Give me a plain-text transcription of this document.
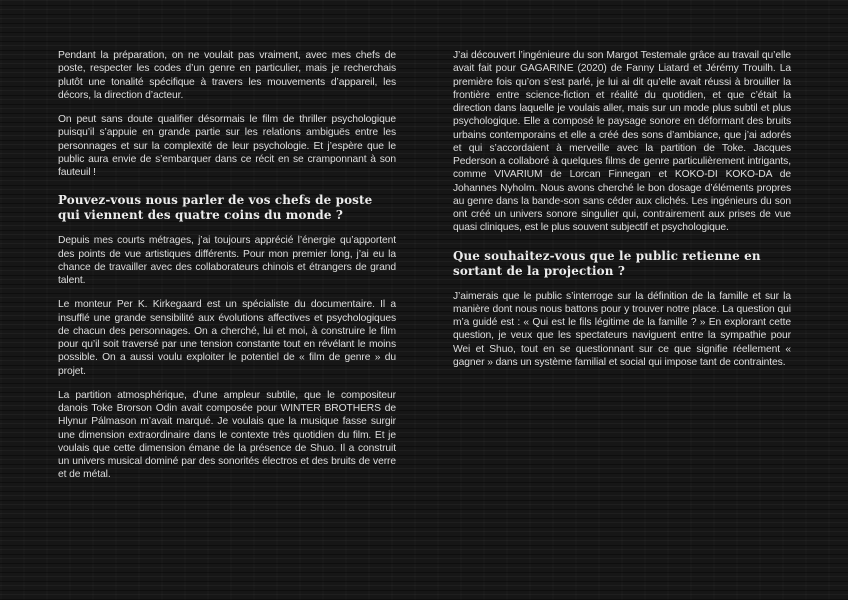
Pendant la préparation, on ne voulait pas vraiment, avec mes chefs de poste, respecter les codes d’un genre en particulier, mais je recherchais plutôt une tonalité spécifique à travers les mouvements d’appareil, les décors, la direction d’acteur.

On peut sans doute qualifier désormais le film de thriller psychologique puisqu’il s’appuie en grande partie sur les relations ambiguës entre les personnages et sur la complexité de leur psychologie. Et j’espère que le public aura envie de s’embarquer dans ce récit en se cramponnant à son fauteuil !

Pouvez-vous nous parler de vos chefs de poste qui viennent des quatre coins du monde ?

Depuis mes courts métrages, j’ai toujours apprécié l’énergie qu’apportent des points de vue artistiques différents. Pour mon premier long, j’ai eu la chance de travailler avec des collaborateurs chinois et étrangers de grand talent.

Le monteur Per K. Kirkegaard est un spécialiste du documentaire. Il a insufflé une grande sensibilité aux évolutions affectives et psychologiques de chacun des personnages. On a cherché, lui et moi, à construire le film pour qu’il soit traversé par une tension constante tout en révélant le moins possible. On a aussi voulu exploiter le potentiel de « film de genre » du projet.

La partition atmosphérique, d’une ampleur subtile, que le compositeur danois Toke Brorson Odin avait composée pour WINTER BROTHERS de Hlynur Pálmason m’avait marqué. Je voulais que la musique fasse surgir une dimension extraordinaire dans le contexte très quotidien du film. Et je voulais que cette dimension émane de la présence de Shuo. Il a construit un univers musical dominé par des sonorités électros et des bruits de verre et de métal.

J’ai découvert l’ingénieure du son Margot Testemale grâce au travail qu’elle avait fait pour GAGARINE (2020) de Fanny Liatard et Jérémy Trouilh. La première fois qu’on s’est parlé, je lui ai dit qu’elle avait réussi à brouiller la frontière entre science-fiction et réalité du quotidien, et que c’était la direction dans laquelle je voulais aller, mais sur un mode plus subtil et plus psychologique. Elle a composé le paysage sonore en déformant des bruits urbains contemporains et elle a créé des sons d’ambiance, que j’ai adorés et qui s’accordaient à merveille avec la partition de Toke. Jacques Pederson a collaboré à quelques films de genre particulièrement intrigants, comme VIVARIUM de Lorcan Finnegan et KOKO-DI KOKO-DA de Johannes Nyholm. Nous avons cherché le bon dosage d’éléments propres au genre dans la bande-son sans céder aux clichés. Les ingénieurs du son ont créé un univers sonore singulier qui, contrairement aux prises de vue quasi cliniques, est le plus souvent subjectif et psychologique.

Que souhaitez-vous que le public retienne en sortant de la projection ?

J’aimerais que le public s’interroge sur la définition de la famille et sur la manière dont nous nous battons pour y trouver notre place. La question qui m’a guidé est : « Qui est le fils légitime de la famille ? » En explorant cette question, je veux que les spectateurs naviguent entre la sympathie pour Wei et Shuo, tout en se questionnant sur ce que signifie réellement « gagner » dans un système familial et social qui impose tant de contraintes.
